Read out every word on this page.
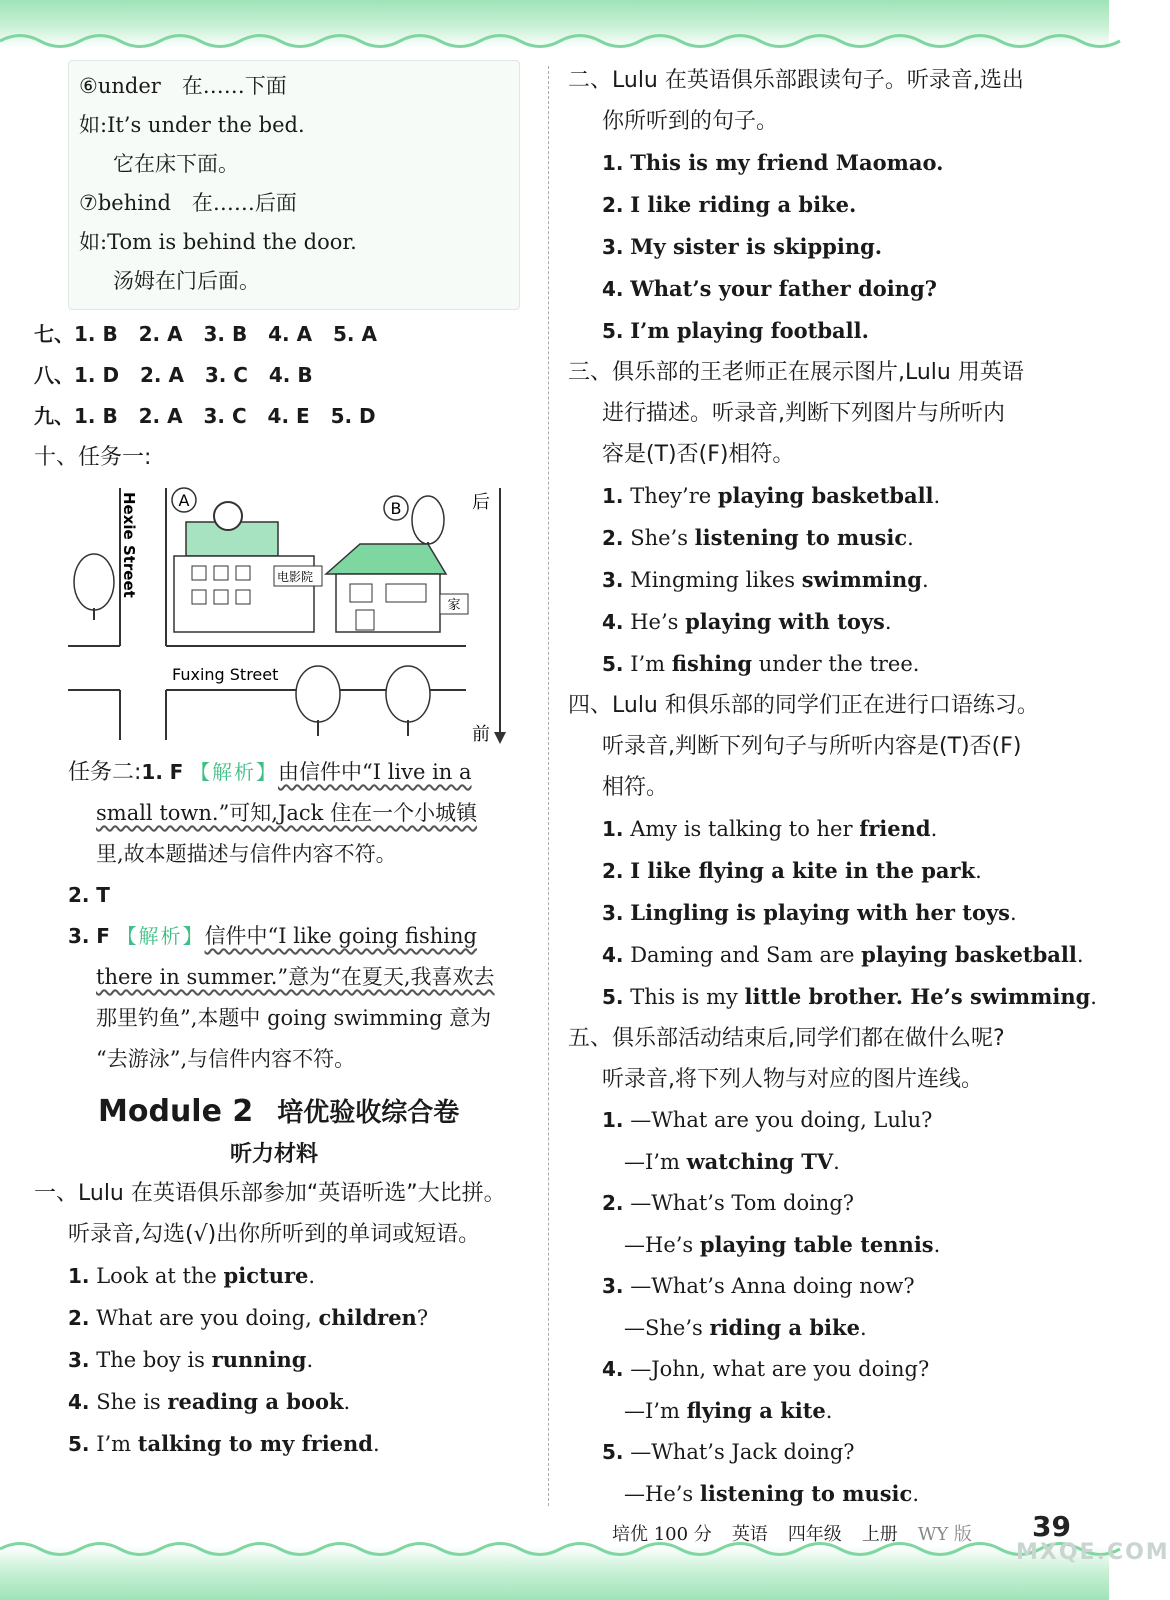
⑥under　在……下面
如:It’s under the bed.
它在床下面。
⑦behind　在……后面
如:Tom is behind the door.
汤姆在门后面。
七、1. B 2. A 3. B 4. A 5. A
八、1. D 2. A 3. C 4. B
九、1. B 2. A 3. C 4. E 5. D
十、任务一:
A	B
电影院
家
Hexie Street
Fuxing Street
后
前
任务二:1. F 【解析】由信件中“I live in a
small town.”可知,Jack 住在一个小城镇
里,故本题描述与信件内容不符。
2. T
3. F 【解析】信件中“I like going fishing
there in summer.”意为“在夏天,我喜欢去
那里钓鱼”,本题中 going swimming 意为
“去游泳”,与信件内容不符。
Module 2 培优验收综合卷
听力材料
一、Lulu 在英语俱乐部参加“英语听选”大比拼。
听录音,勾选(√)出你所听到的单词或短语。
1. Look at the picture.
2. What are you doing, children?
3. The boy is running.
4. She is reading a book.
5. I’m talking to my friend.
二、Lulu 在英语俱乐部跟读句子。听录音,选出
你所听到的句子。
1. This is my friend Maomao.
2. I like riding a bike.
3. My sister is skipping.
4. What’s your father doing?
5. I’m playing football.
三、俱乐部的王老师正在展示图片,Lulu 用英语
进行描述。听录音,判断下列图片与所听内
容是(T)否(F)相符。
1. They’re playing basketball.
2. She’s listening to music.
3. Mingming likes swimming.
4. He’s playing with toys.
5. I’m fishing under the tree.
四、Lulu 和俱乐部的同学们正在进行口语练习。
听录音,判断下列句子与所听内容是(T)否(F)
相符。
1. Amy is talking to her friend.
2. I like flying a kite in the park.
3. Lingling is playing with her toys.
4. Daming and Sam are playing basketball.
5. This is my little brother. He’s swimming.
五、俱乐部活动结束后,同学们都在做什么呢?
听录音,将下列人物与对应的图片连线。
1. —What are you doing, Lulu?
—I’m watching TV.
2. —What’s Tom doing?
—He’s playing table tennis.
3. —What’s Anna doing now?
—She’s riding a bike.
4. —John, what are you doing?
—I’m flying a kite.
5. —What’s Jack doing?
—He’s listening to music.
培优 100 分 英语 四年级 上册 WY 版	39
MXQE.COM
